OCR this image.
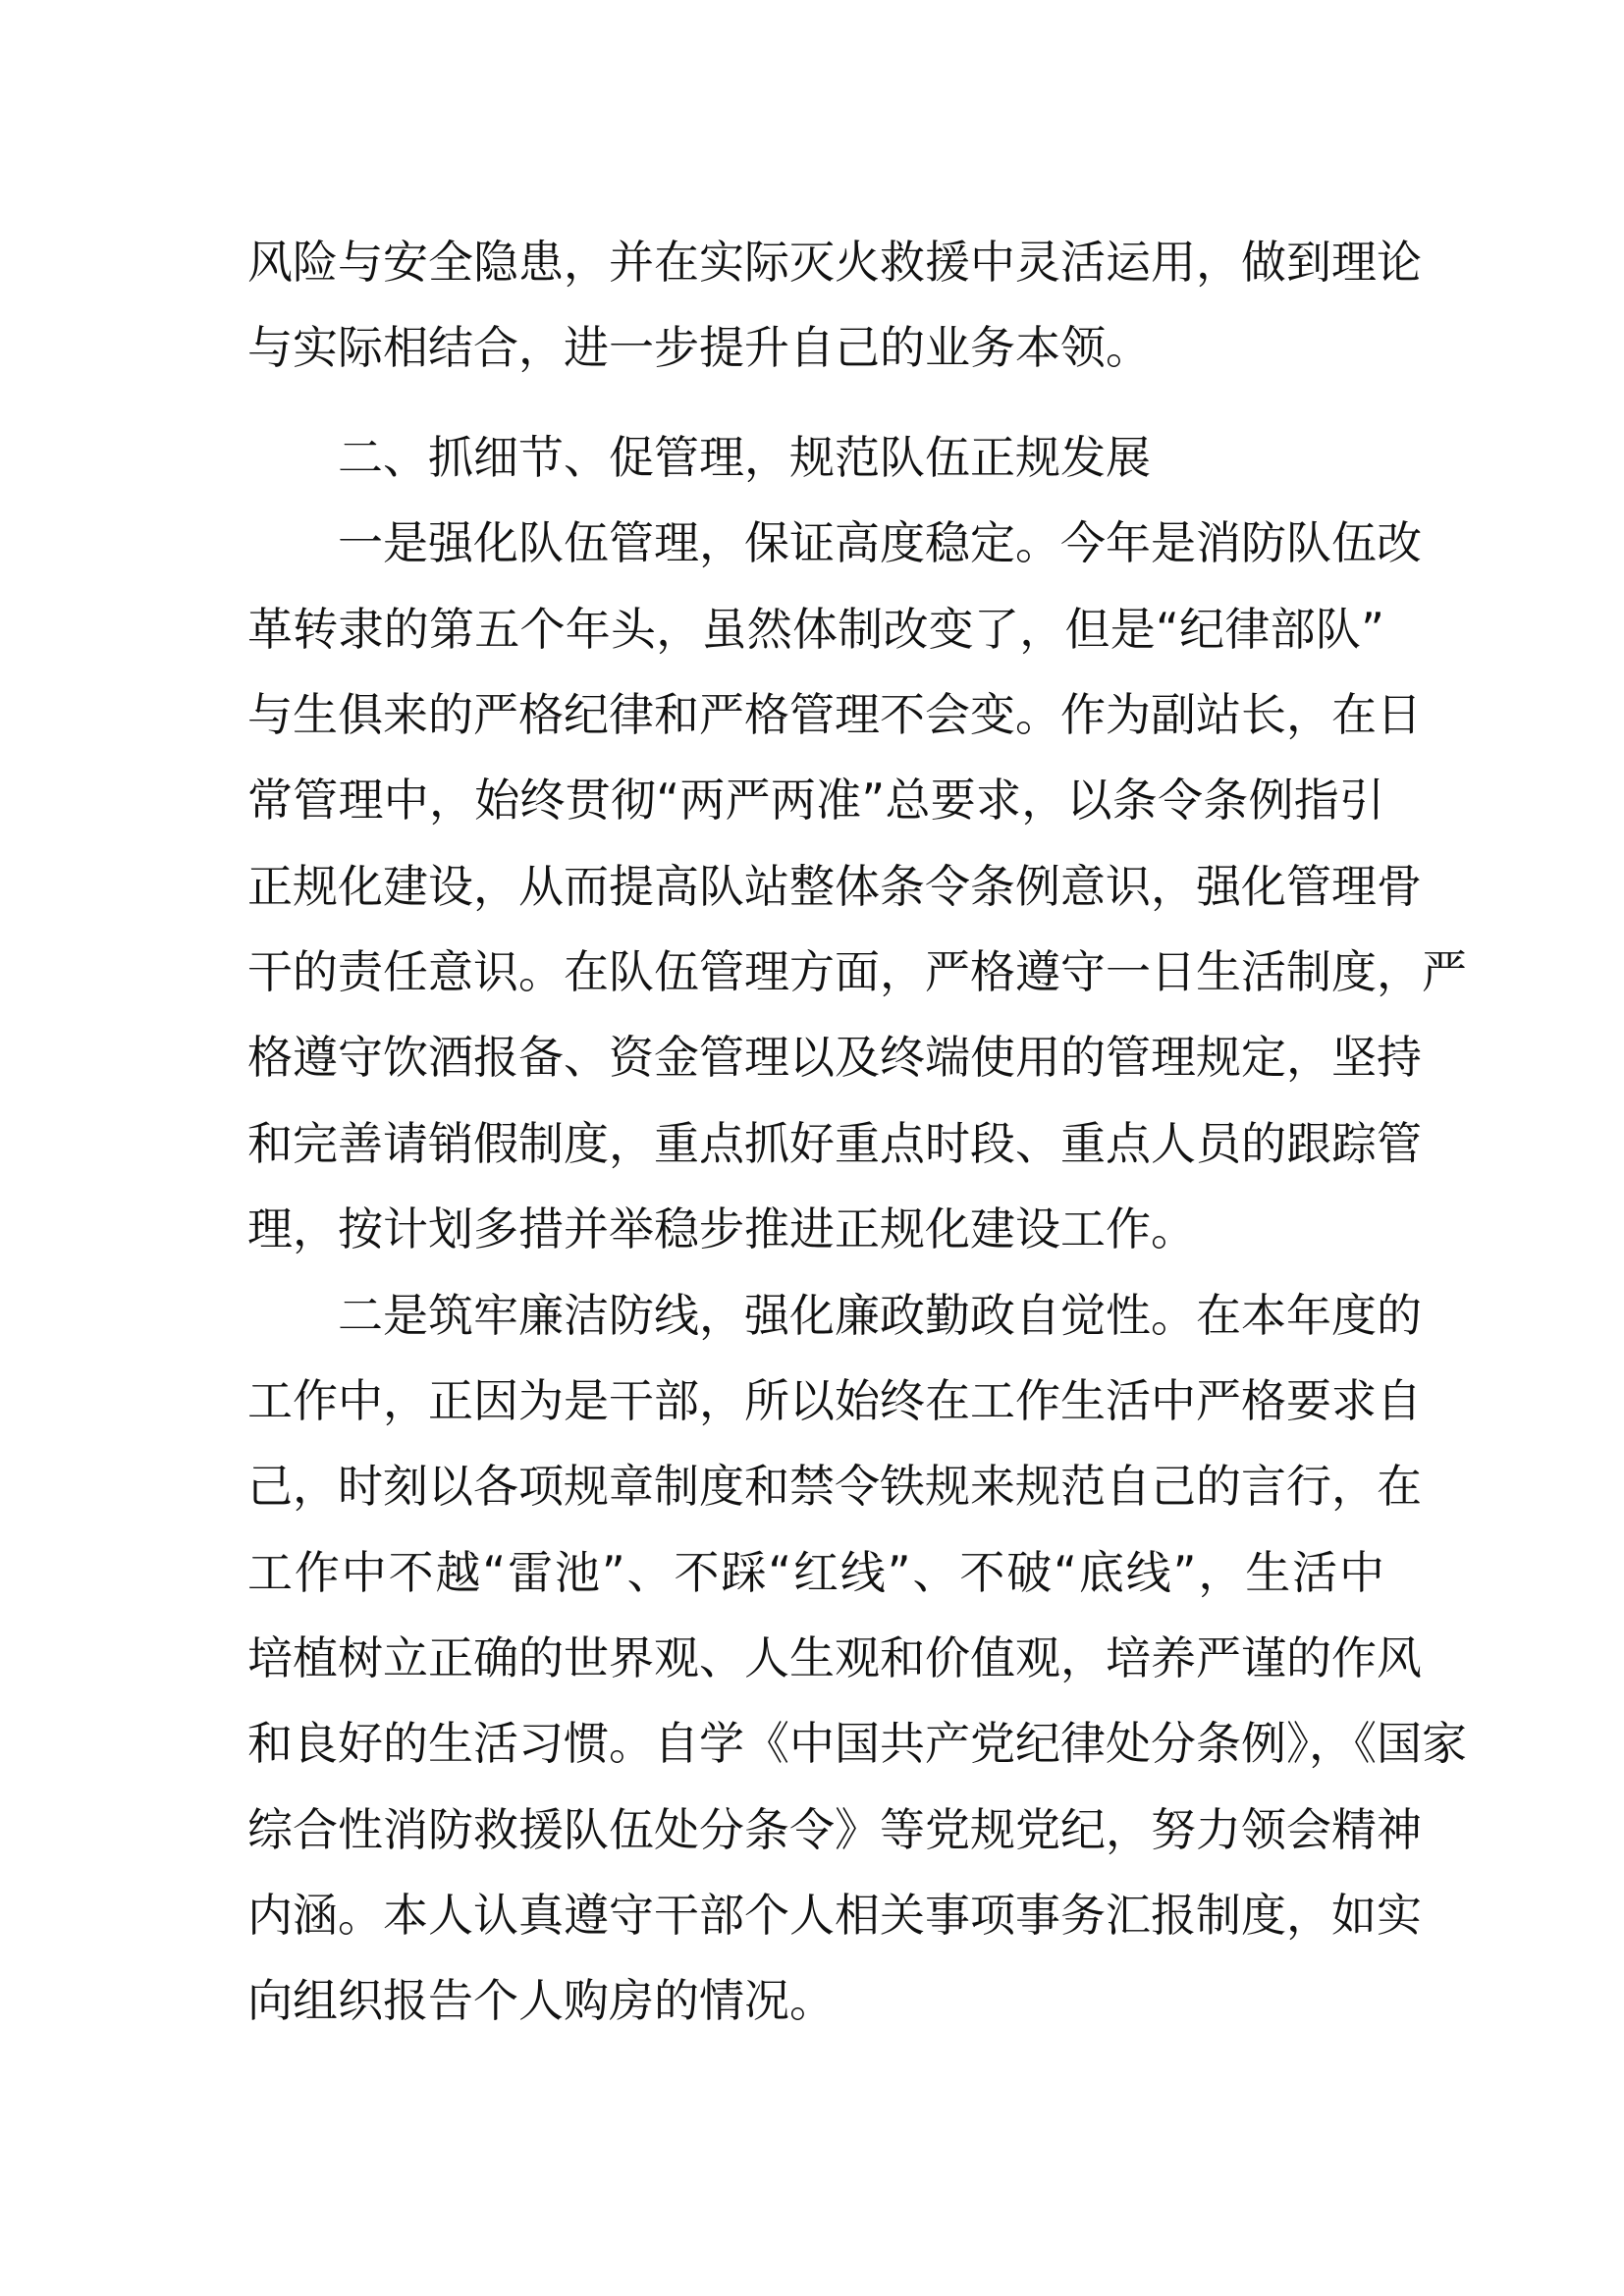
风险与安全隐患，并在实际灭火救援中灵活运用，做到理论
与实际相结合，进一步提升自己的业务本领。
二、抓细节、促管理，规范队伍正规发展
一是强化队伍管理，保证高度稳定。今年是消防队伍改
革转隶的第五个年头，虽然体制改变了，但是“纪律部队”
与生俱来的严格纪律和严格管理不会变。作为副站长，在日
常管理中，始终贯彻“两严两准”总要求，以条令条例指引
正规化建设，从而提高队站整体条令条例意识，强化管理骨
干的责任意识。在队伍管理方面，严格遵守一日生活制度，严
格遵守饮酒报备、资金管理以及终端使用的管理规定，坚持
和完善请销假制度，重点抓好重点时段、重点人员的跟踪管
理，按计划多措并举稳步推进正规化建设工作。
二是筑牢廉洁防线，强化廉政勤政自觉性。在本年度的
工作中，正因为是干部，所以始终在工作生活中严格要求自
己，时刻以各项规章制度和禁令铁规来规范自己的言行，在
工作中不越“雷池”、不踩“红线”、不破“底线”，生活中
培植树立正确的世界观、人生观和价值观，培养严谨的作风
和良好的生活习惯。自学《中国共产党纪律处分条例》，《国家
综合性消防救援队伍处分条令》等党规党纪，努力领会精神
内涵。本人认真遵守干部个人相关事项事务汇报制度，如实
向组织报告个人购房的情况。
